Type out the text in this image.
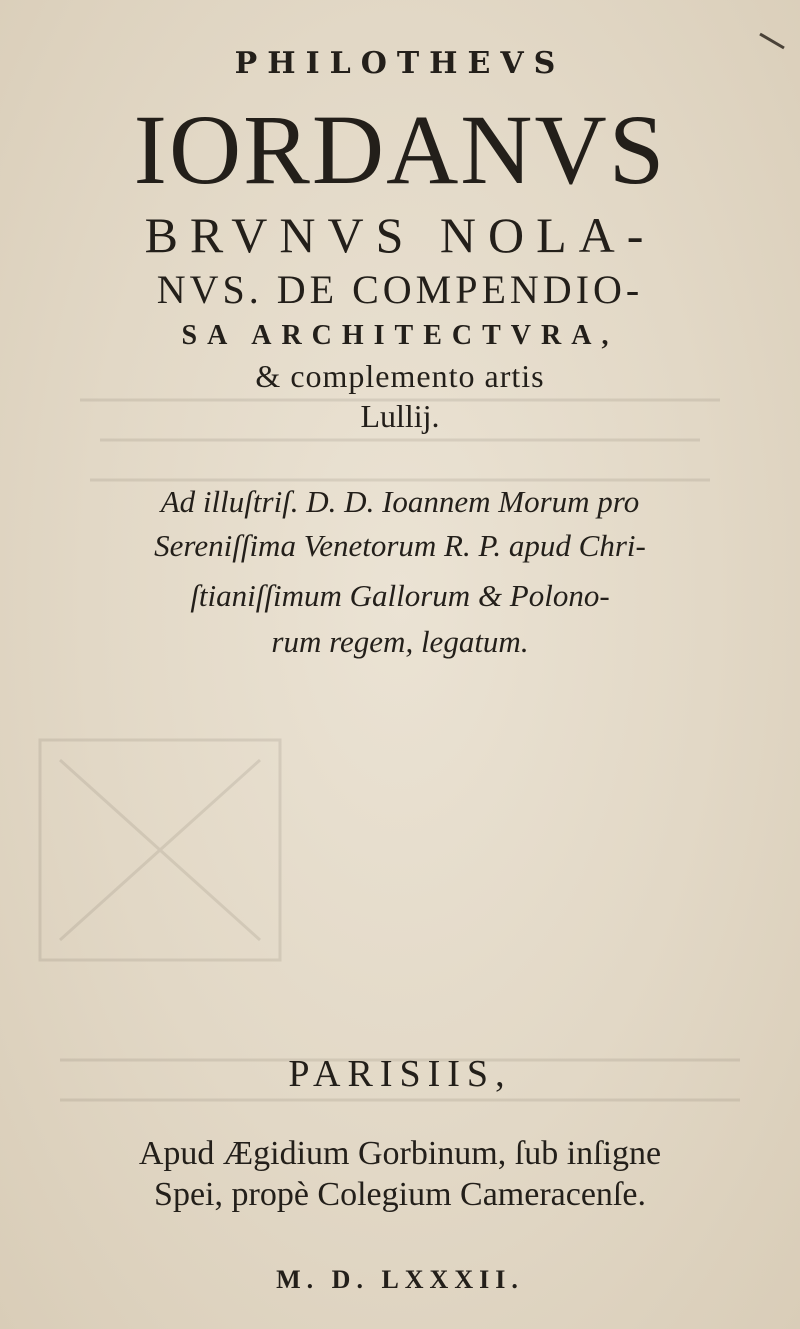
PHILOTHEVS

IORDANVS

BRVNVS NOLA-

NVS. DE COMPENDIO-

SA ARCHITECTVRA,

& complemento artis

Lullij.

Ad illuſtriſ. D. D. Ioannem Morum pro

Sereniſſima Venetorum R. P. apud Chri-

ſtianiſſimum Gallorum & Polono-

rum regem, legatum.

PARISIIS,

Apud Ægidium Gorbinum, ſub inſigne

Spei, propè Colegium Cameracenſe.

M. D. LXXXII.
